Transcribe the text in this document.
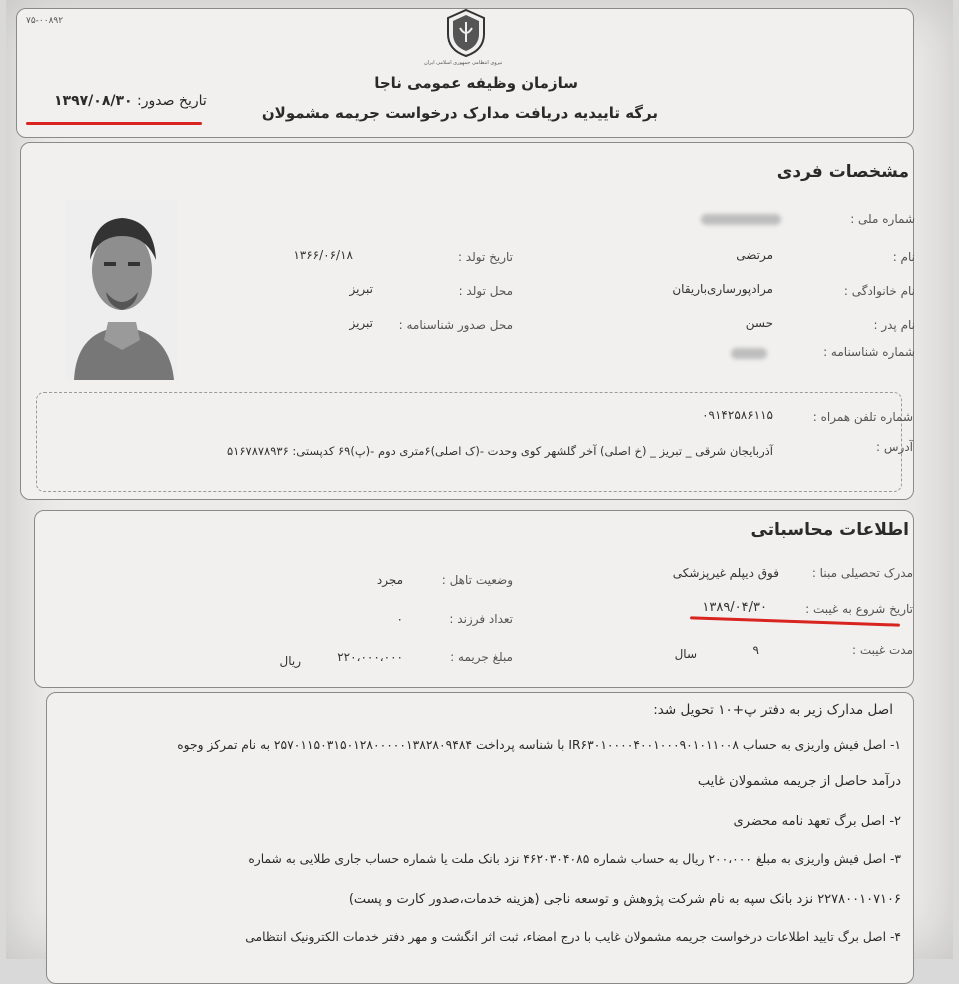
۷۵-۰۰۸۹۲
نیروی انتظامی جمهوری اسلامی ایران
سازمان وظیفه عمومی ناجا
برگه تاییدیه دریافت مدارک درخواست جریمه مشمولان
تاریخ صدور: ۱۳۹۷/۰۸/۳۰
مشخصات فردی
شماره ملی :
نام :
مرتضی
تاریخ تولد :
۱۳۶۶/۰۶/۱۸
نام خانوادگی :
مرادپورساری‌باریقان
محل تولد :
تبریز
نام پدر :
حسن
محل صدور شناسنامه :
تبریز
شماره شناسنامه :
شماره تلفن همراه :
۰۹۱۴۲۵۸۶۱۱۵
آدرس :
آذربایجان شرقی _ تبریز _ (خ اصلی) آخر گلشهر کوی وحدت -(ک اصلی)۶متری دوم -(پ)۶۹ کدپستی: ۵۱۶۷۸۷۸۹۳۶
اطلاعات محاسباتی
مدرک تحصیلی مبنا :
فوق دیپلم غیرپزشکی
وضعیت تاهل :
مجرد
تاریخ شروع به غیبت :
۱۳۸۹/۰۴/۳۰
تعداد فرزند :
۰
مدت غیبت :
۹
سال
مبلغ جریمه :
۲۲۰،۰۰۰،۰۰۰
ریال
اصل مدارک زیر به دفتر پ+۱۰ تحویل شد:
۱- اصل فیش واریزی به حساب IR۶۳۰۱۰۰۰۰۴۰۰۱۰۰۰۹۰۱۰۱۱۰۰۸ با شناسه پرداخت ۲۵۷۰۱۱۵۰۳۱۵۰۱۲۸۰۰۰۰۰۱۳۸۲۸۰۹۴۸۴ به نام تمرکز وجوه
درآمد حاصل از جریمه مشمولان غایب
۲- اصل برگ تعهد نامه محضری
۳- اصل فیش واریزی به مبلغ ۲۰۰،۰۰۰ ریال به حساب شماره ۴۶۲۰۳۰۴۰۸۵ نزد بانک ملت یا شماره حساب جاری طلایی به شماره
۲۲۷۸۰۰۱۰۷۱۰۶ نزد بانک سپه به نام شرکت پژوهش و توسعه ناجی (هزینه خدمات،صدور کارت و پست)
۴- اصل برگ تایید اطلاعات درخواست جریمه مشمولان غایب با درج امضاء، ثبت اثر انگشت و مهر دفتر خدمات الکترونیک انتظامی
